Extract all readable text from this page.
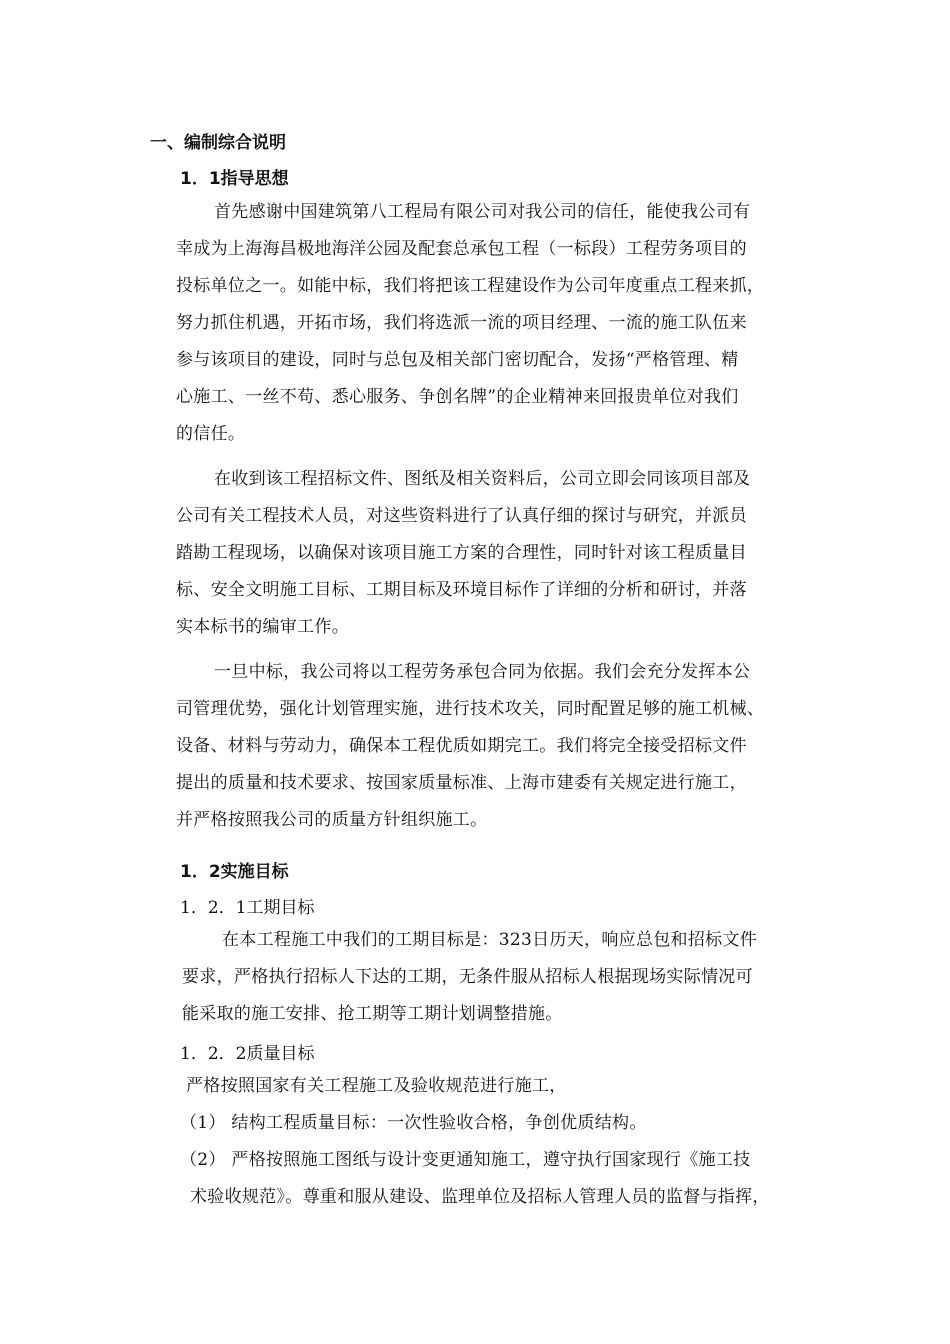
一、编制综合说明
1．1指导思想
首先感谢中国建筑第八工程局有限公司对我公司的信任，能使我公司有
幸成为上海海昌极地海洋公园及配套总承包工程（一标段）工程劳务项目的
投标单位之一。如能中标，我们将把该工程建设作为公司年度重点工程来抓，
努力抓住机遇，开拓市场，我们将选派一流的项目经理、一流的施工队伍来
参与该项目的建设，同时与总包及相关部门密切配合，发扬“严格管理、精
心施工、一丝不苟、悉心服务、争创名牌”的企业精神来回报贵单位对我们
的信任。
在收到该工程招标文件、图纸及相关资料后，公司立即会同该项目部及
公司有关工程技术人员，对这些资料进行了认真仔细的探讨与研究，并派员
踏勘工程现场，以确保对该项目施工方案的合理性，同时针对该工程质量目
标、安全文明施工目标、工期目标及环境目标作了详细的分析和研讨，并落
实本标书的编审工作。
一旦中标，我公司将以工程劳务承包合同为依据。我们会充分发挥本公
司管理优势，强化计划管理实施，进行技术攻关，同时配置足够的施工机械、
设备、材料与劳动力，确保本工程优质如期完工。我们将完全接受招标文件
提出的质量和技术要求、按国家质量标准、上海市建委有关规定进行施工，
并严格按照我公司的质量方针组织施工。
1．2实施目标
1．2．1工期目标
在本工程施工中我们的工期目标是：323日历天，响应总包和招标文件
要求，严格执行招标人下达的工期，无条件服从招标人根据现场实际情况可
能采取的施工安排、抢工期等工期计划调整措施。
1．2．2质量目标
严格按照国家有关工程施工及验收规范进行施工，
（1） 结构工程质量目标：一次性验收合格，争创优质结构。
（2） 严格按照施工图纸与设计变更通知施工，遵守执行国家现行《施工技
术验收规范》。尊重和服从建设、监理单位及招标人管理人员的监督与指挥，
